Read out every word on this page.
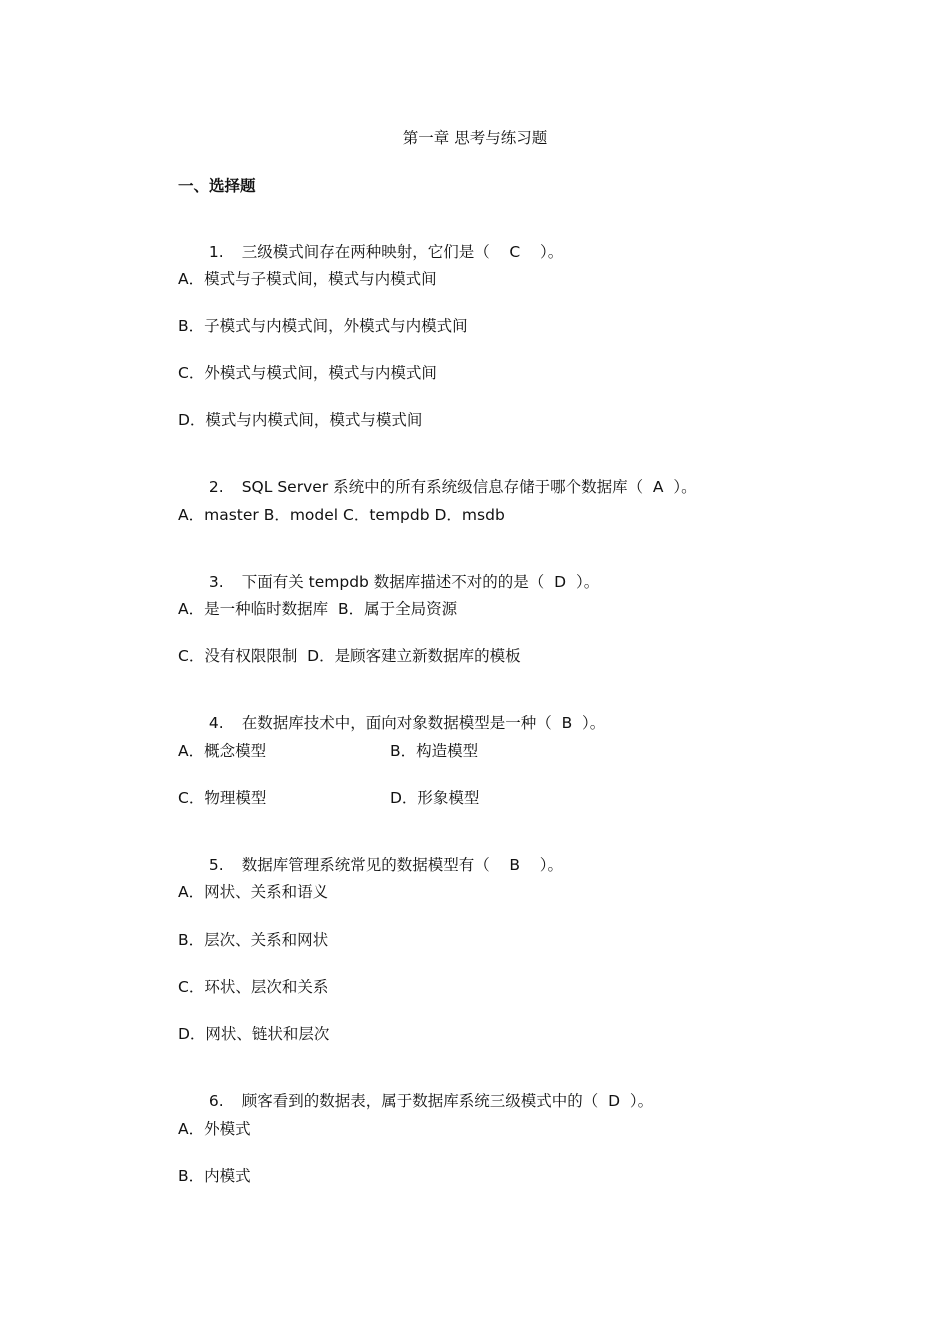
第一章 思考与练习题
一、选择题

1. 三级模式间存在两种映射，它们是（    C    ）。

A．模式与子模式间，模式与内模式间
B．子模式与内模式间，外模式与内模式间
C．外模式与模式间，模式与内模式间
D．模式与内模式间，模式与模式间

2. SQL Server 系统中的所有系统级信息存储于哪个数据库（  A  ）。

A．master B．model C．tempdb D．msdb

3. 下面有关 tempdb 数据库描述不对的的是（  D  ）。

A．是一种临时数据库  B．属于全局资源
C．没有权限限制  D．是顾客建立新数据库的模板

4. 在数据库技术中，面向对象数据模型是一种（  B  ）。

A．概念模型	B．构造模型
C．物理模型	D．形象模型

5. 数据库管理系统常见的数据模型有（    B    ）。

A．网状、关系和语义
B．层次、关系和网状
C．环状、层次和关系
D．网状、链状和层次

6. 顾客看到的数据表，属于数据库系统三级模式中的（  D  ）。

A．外模式
B．内模式
